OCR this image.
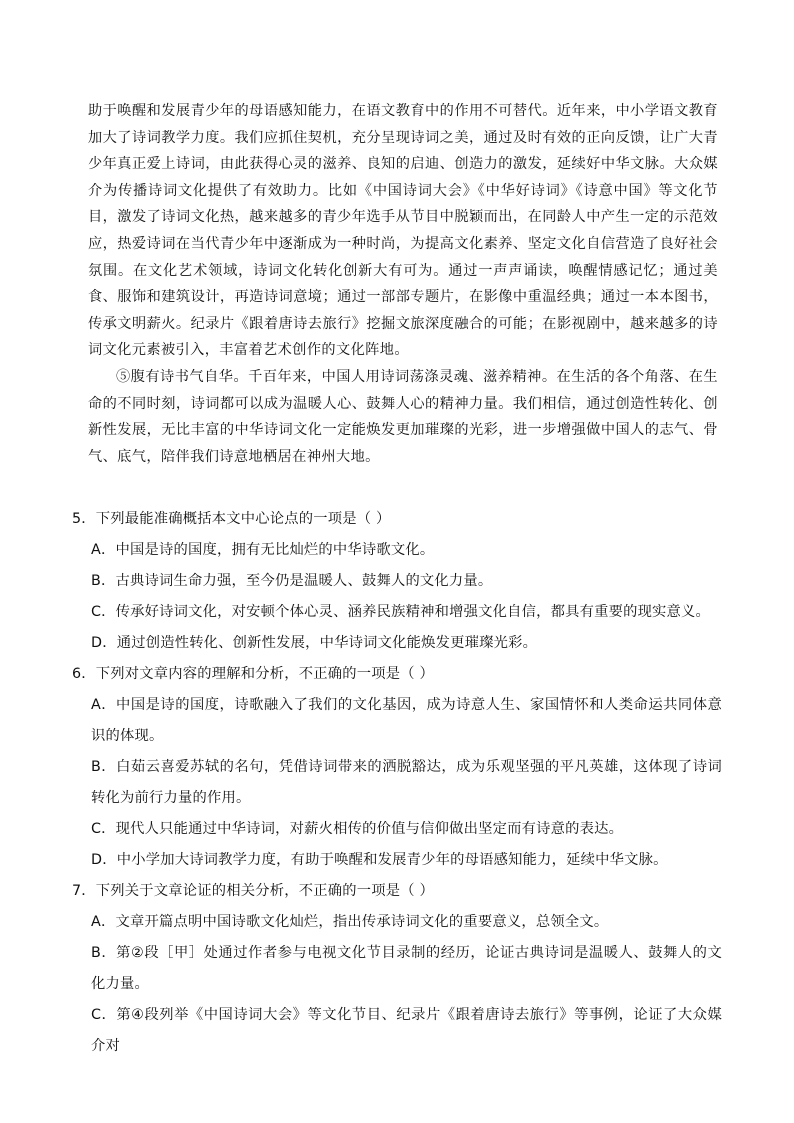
助于唤醒和发展青少年的母语感知能力，在语文教育中的作用不可替代。近年来，中小学语文教育加大了诗词教学力度。我们应抓住契机，充分呈现诗词之美，通过及时有效的正向反馈，让广大青少年真正爱上诗词，由此获得心灵的滋养、良知的启迪、创造力的激发，延续好中华文脉。大众媒介为传播诗词文化提供了有效助力。比如《中国诗词大会》《中华好诗词》《诗意中国》等文化节目，激发了诗词文化热，越来越多的青少年选手从节目中脱颖而出，在同龄人中产生一定的示范效应，热爱诗词在当代青少年中逐渐成为一种时尚，为提高文化素养、坚定文化自信营造了良好社会氛围。在文化艺术领域，诗词文化转化创新大有可为。通过一声声诵读，唤醒情感记忆；通过美食、服饰和建筑设计，再造诗词意境；通过一部部专题片，在影像中重温经典；通过一本本图书，传承文明薪火。纪录片《跟着唐诗去旅行》挖掘文旅深度融合的可能；在影视剧中，越来越多的诗词文化元素被引入，丰富着艺术创作的文化阵地。

⑤腹有诗书气自华。千百年来，中国人用诗词荡涤灵魂、滋养精神。在生活的各个角落、在生命的不同时刻，诗词都可以成为温暖人心、鼓舞人心的精神力量。我们相信，通过创造性转化、创新性发展，无比丰富的中华诗词文化一定能焕发更加璀璨的光彩，进一步增强做中国人的志气、骨气、底气，陪伴我们诗意地栖居在神州大地。

5．下列最能准确概括本文中心论点的一项是（ ）
A．中国是诗的国度，拥有无比灿烂的中华诗歌文化。
B．古典诗词生命力强，至今仍是温暖人、鼓舞人的文化力量。
C．传承好诗词文化，对安顿个体心灵、涵养民族精神和增强文化自信，都具有重要的现实意义。
D．通过创造性转化、创新性发展，中华诗词文化能焕发更璀璨光彩。
6．下列对文章内容的理解和分析，不正确的一项是（ ）
A．中国是诗的国度，诗歌融入了我们的文化基因，成为诗意人生、家国情怀和人类命运共同体意识的体现。
B．白茹云喜爱苏轼的名句，凭借诗词带来的洒脱豁达，成为乐观坚强的平凡英雄，这体现了诗词转化为前行力量的作用。
C．现代人只能通过中华诗词，对薪火相传的价值与信仰做出坚定而有诗意的表达。
D．中小学加大诗词教学力度，有助于唤醒和发展青少年的母语感知能力，延续中华文脉。
7．下列关于文章论证的相关分析，不正确的一项是（ ）
A．文章开篇点明中国诗歌文化灿烂，指出传承诗词文化的重要意义，总领全文。
B．第②段［甲］处通过作者参与电视文化节目录制的经历，论证古典诗词是温暖人、鼓舞人的文化力量。
C．第④段列举《中国诗词大会》等文化节目、纪录片《跟着唐诗去旅行》等事例，论证了大众媒介对
